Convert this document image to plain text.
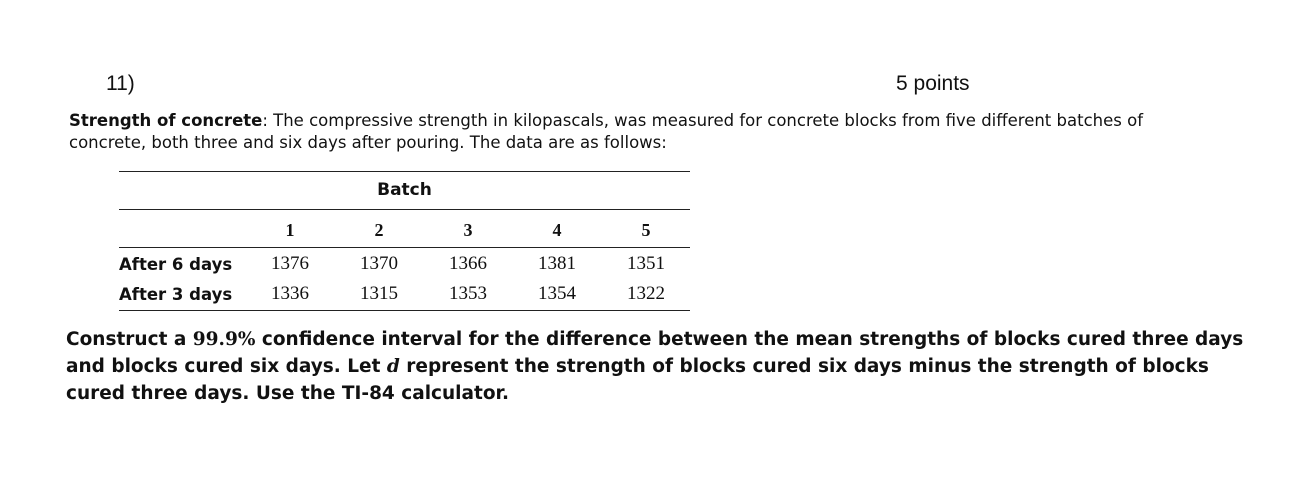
11)	5 points
Strength of concrete: The compressive strength in kilopascals, was measured for concrete blocks from five different batches of concrete, both three and six days after pouring. The data are as follows:
Batch
1	2	3	4	5
After 6 days	1376	1370	1366	1381	1351
After 3 days	1336	1315	1353	1354	1322
Construct a 99.9% confidence interval for the difference between the mean strengths of blocks cured three days and blocks cured six days. Let d represent the strength of blocks cured six days minus the strength of blocks cured three days. Use the TI-84 calculator.
